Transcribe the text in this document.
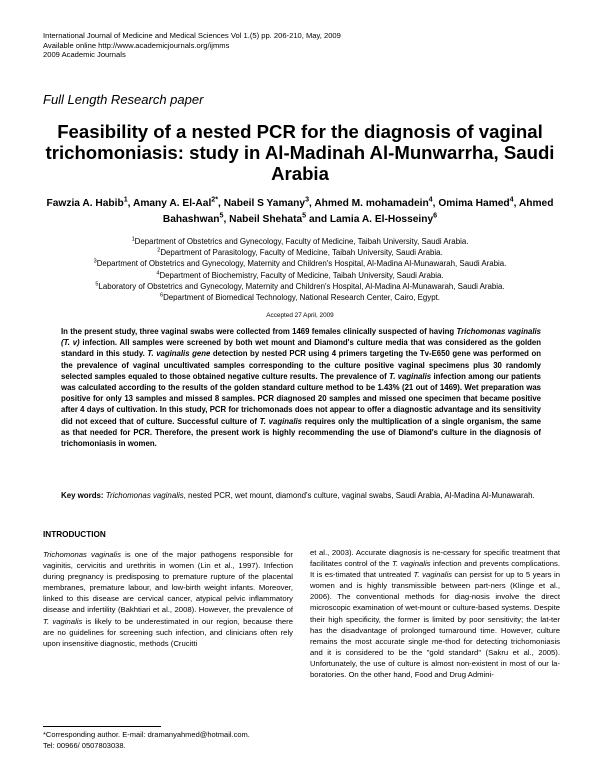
International Journal of Medicine and Medical Sciences Vol 1.(5) pp. 206-210, May, 2009
Available online http://www.academicjournals.org/ijmms
2009 Academic Journals
Full Length Research paper
Feasibility of a nested PCR for the diagnosis of vaginal trichomoniasis: study in Al-Madinah Al-Munwarrha, Saudi Arabia
Fawzia A. Habib$^1$, Amany A. El-Aal$^{2*}$, Nabeil S Yamany$^3$, Ahmed M. mohamadein$^4$, Omima Hamed$^4$, Ahmed Bahashwan$^5$, Nabeil Shehata$^5$ and Lamia A. El-Hosseiny$^6$
$^1$Department of Obstetrics and Gynecology, Faculty of Medicine, Taibah University, Saudi Arabia.
$^2$Department of Parasitology, Faculty of Medicine, Taibah University, Saudi Arabia.
$^3$Department of Obstetrics and Gynecology, Maternity and Children's Hospital, Al-Madina Al-Munawarah, Saudi Arabia.
$^4$Department of Biochemistry, Faculty of Medicine, Taibah University, Saudi Arabia.
$^5$Laboratory of Obstetrics and Gynecology, Maternity and Children's Hospital, Al-Madina Al-Munawarah, Saudi Arabia.
$^6$Department of Biomedical Technology, National Research Center, Cairo, Egypt.
Accepted 27 April, 2009
In the present study, three vaginal swabs were collected from 1469 females clinically suspected of having Trichomonas vaginalis (T. v) infection. All samples were screened by both wet mount and Diamond's culture media that was considered as the golden standard in this study. T. vaginalis gene detection by nested PCR using 4 primers targeting the Tv-E650 gene was performed on the prevalence of vaginal uncultivated samples corresponding to the culture positive vaginal specimens plus 30 randomly selected samples equaled to those obtained negative culture results. The prevalence of T. vaginalis infection among our patients was calculated according to the results of the golden standard culture method to be 1.43% (21 out of 1469). Wet preparation was positive for only 13 samples and missed 8 samples. PCR diagnosed 20 samples and missed one specimen that became positive after 4 days of cultivation. In this study, PCR for trichomonads does not appear to offer a diagnostic advantage and its sensitivity did not exceed that of culture. Successful culture of T. vaginalis requires only the multiplication of a single organism, the same as that needed for PCR. Therefore, the present work is highly recommending the use of Diamond's culture in the diagnosis of trichomoniasis in women.
Key words: Trichomonas vaginalis, nested PCR, wet mount, diamond's culture, vaginal swabs, Saudi Arabia, Al-Madina Al-Munawarah.
INTRODUCTION
Trichomonas vaginalis is one of the major pathogens responsible for vaginitis, cervicitis and urethritis in women (Lin et al., 1997). Infection during pregnancy is predisposing to premature rupture of the placental membranes, premature labour, and low-birth weight infants. Moreover, linked to this disease are cervical cancer, atypical pelvic inflammatory disease and infertility (Bakhtiari et al., 2008). However, the prevalence of T. vaginalis is likely to be underestimated in our region, because there are no guidelines for screening such infection, and clinicians often rely upon insensitive diagnostic, methods (Crucitti
et al., 2003). Accurate diagnosis is ne-cessary for specific treatment that facilitates control of the T. vaginalis infection and prevents complications. It is es-timated that untreated T. vaginalis can persist for up to 5 years in women and is highly transmissible between part-ners (Klinge et al., 2006). The conventional methods for diag-nosis involve the direct microscopic examination of wet-mount or culture-based systems. Despite their high specificity, the former is limited by poor sensitivity; the lat-ter has the disadvantage of prolonged turnaround time. However, culture remains the most accurate single me-thod for detecting trichomoniasis and it is considered to be the "gold standard" (Sakru et al., 2005). Unfortunately, the use of culture is almost non-existent in most of our la-boratories. On the other hand, Food and Drug Admini-
*Corresponding author. E-mail: dramanyahmed@hotmail.com.
Tel: 00966/ 0507803038.
